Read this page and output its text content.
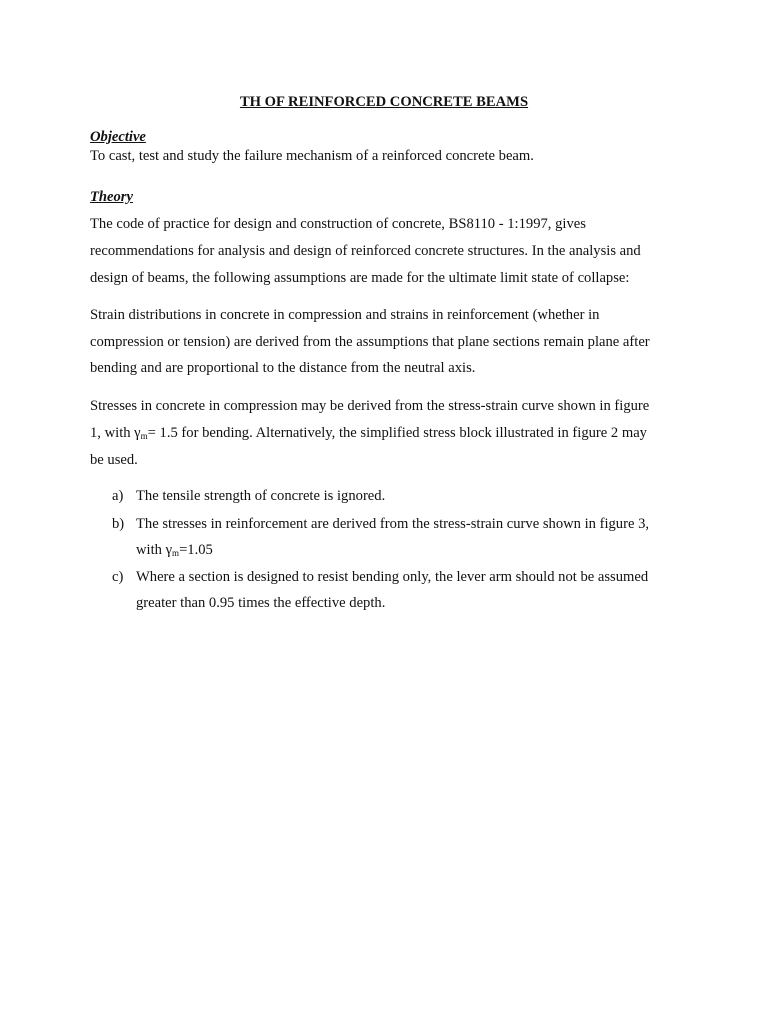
TH OF REINFORCED CONCRETE BEAMS
Objective
To cast, test and study the failure mechanism of a reinforced concrete beam.
Theory
The code of practice for design and construction of concrete, BS8110 - 1:1997, gives
recommendations for analysis and design of reinforced concrete structures. In the analysis and
design of beams, the following assumptions are made for the ultimate limit state of collapse:
Strain distributions in concrete in compression and strains in reinforcement (whether in
compression or tension) are derived from the assumptions that plane sections remain plane after
bending and are proportional to the distance from the neutral axis.
Stresses in concrete in compression may be derived from the stress-strain curve shown in figure
1, with $\gamma_m= 1.5$ for bending. Alternatively, the simplified stress block illustrated in figure 2 may
be used.
a) The tensile strength of concrete is ignored.
b) The stresses in reinforcement are derived from the stress-strain curve shown in figure 3,
with $\gamma_m=1.05$
c) Where a section is designed to resist bending only, the lever arm should not be assumed
greater than 0.95 times the effective depth.
